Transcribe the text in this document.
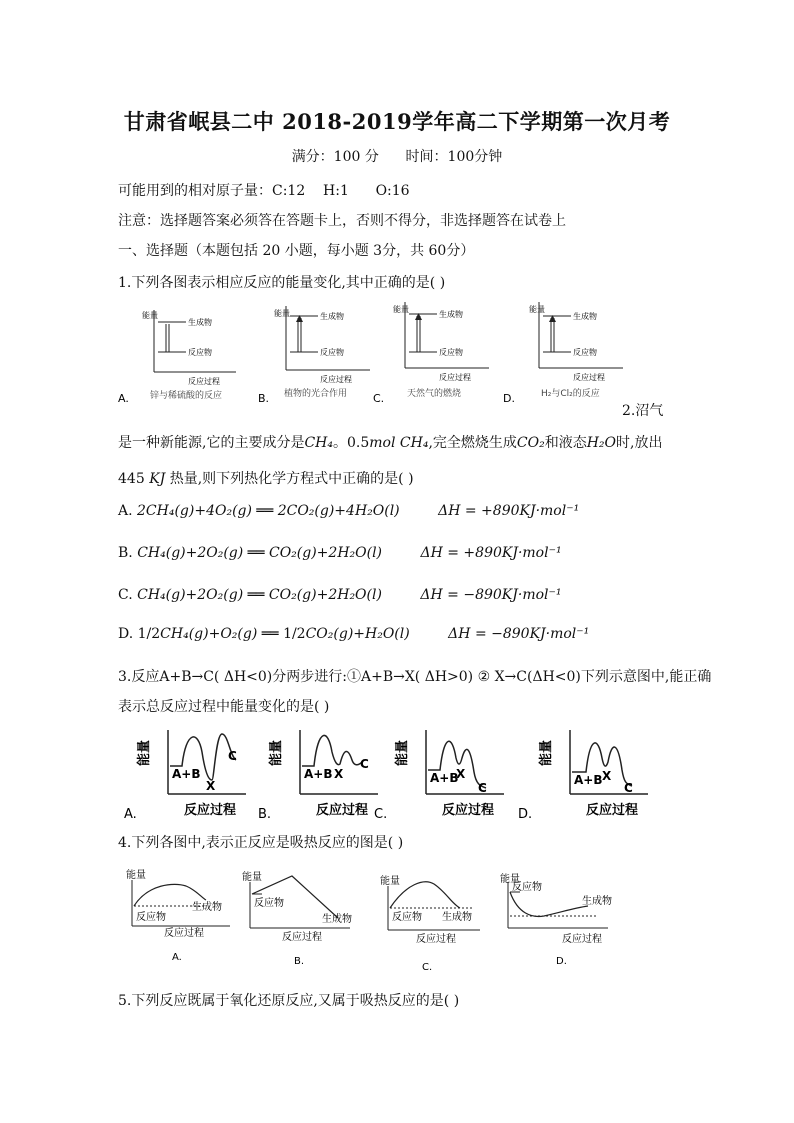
甘肃省岷县二中 2018-2019学年高二下学期第一次月考
满分：100 分      时间：100分钟
可能用到的相对原子量：C:12    H:1      O:16
注意：选择题答案必须答在答题卡上，否则不得分，非选择题答在试卷上
一、选择题（本题包括 20 小题，每小题 3分，共 60分）
1.下列各图表示相应反应的能量变化,其中正确的是( )
能量
生成物
反应物
反应过程
A. 锌与稀硫酸的反应
能量	生成物
反应物
反应过程
B. 植物的光合作用
能量
生成物
反应物
反应过程
C.	天然气的燃烧
能量
生成物
反应物
反应过程
D.	H₂与Cl₂的反应
2.沼气
是一种新能源,它的主要成分是CH₄。0.5mol CH₄,完全燃烧生成CO₂和液态H₂O时,放出
445 KJ 热量,则下列热化学方程式中正确的是( )
A. 2CH₄(g)+4O₂(g) ══ 2CO₂(g)+4H₂O(l)	ΔH = +890KJ·mol⁻¹
B. CH₄(g)+2O₂(g) ══ CO₂(g)+2H₂O(l)	ΔH = +890KJ·mol⁻¹
C. CH₄(g)+2O₂(g) ══ CO₂(g)+2H₂O(l)	ΔH = −890KJ·mol⁻¹
D. 1/2CH₄(g)+O₂(g) ══ 1/2CO₂(g)+H₂O(l)	ΔH = −890KJ·mol⁻¹
3.反应A+B→C( ΔH<0)分两步进行:①A+B→X( ΔH>0) ② X→C(ΔH<0)下列示意图中,能正确
表示总反应过程中能量变化的是( )
能量
A+B
X
C
反应过程
A.
能量
A+B X
C
反应过程
B.
能量
A+B
X
C
反应过程
C.
能量
A+B X
C
反应过程
D.
4.下列各图中,表示正反应是吸热反应的图是( )
能量
反应物
生成物
反应过程
A.
能量
反应物
生成物
反应过程
B.
能量
反应物 生成物
反应过程
C.
能量
反应物
生成物
反应过程
D.
5.下列反应既属于氧化还原反应,又属于吸热反应的是( )
